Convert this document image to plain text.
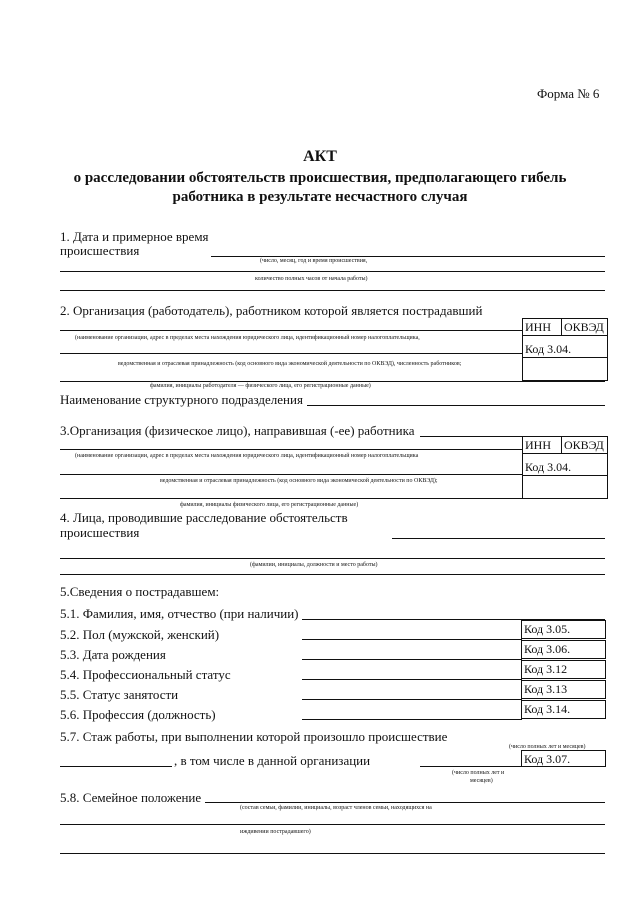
Форма № 6
АКТ
о расследовании обстоятельств происшествия, предполагающего гибель
работника в результате несчастного случая
1. Дата и примерное время
происшествия
(число, месяц, год и время происшествия,
количество полных часов от начала работы)
2. Организация (работодатель), работником которой является пострадавший
ИНН	ОКВЭД
(наименование организации, адрес в пределах места нахождения юридического лица, идентификационный номер налогоплательщика,
Код 3.04.
ведомственная и отраслевая принадлежность (код основного вида экономической деятельности по ОКВЭД), численность работников;
фамилия, инициалы работодателя — физического лица, его регистрационные данные)
Наименование структурного подразделения
3.Организация (физическое лицо), направившая (-ее) работника
ИНН	ОКВЭД
(наименование организации, адрес в пределах места нахождения юридического лица, идентификационный номер налогоплательщика
Код 3.04.
ведомственная и отраслевая принадлежность (код основного вида экономической деятельности по ОКВЭД);
фамилия, инициалы физического лица, его регистрационные данные)
4. Лица, проводившие расследование обстоятельств
происшествия
(фамилии, инициалы, должности и место работы)
5.Сведения о пострадавшем:
5.1. Фамилия, имя, отчество (при наличии)
5.2. Пол (мужской, женский)	Код 3.05.
5.3. Дата рождения	Код 3.06.
5.4. Профессиональный статус	Код 3.12
5.5. Статус занятости	Код 3.13
5.6. Профессия (должность)	Код 3.14.
5.7. Стаж работы, при выполнении которой произошло происшествие
(число полных лет и месяцев)
, в том числе в данной организации	Код 3.07.
(число полных лет и
месяцев)
5.8. Семейное положение
(состав семьи, фамилии, инициалы, возраст членов семьи, находящихся на
иждивении пострадавшего)
